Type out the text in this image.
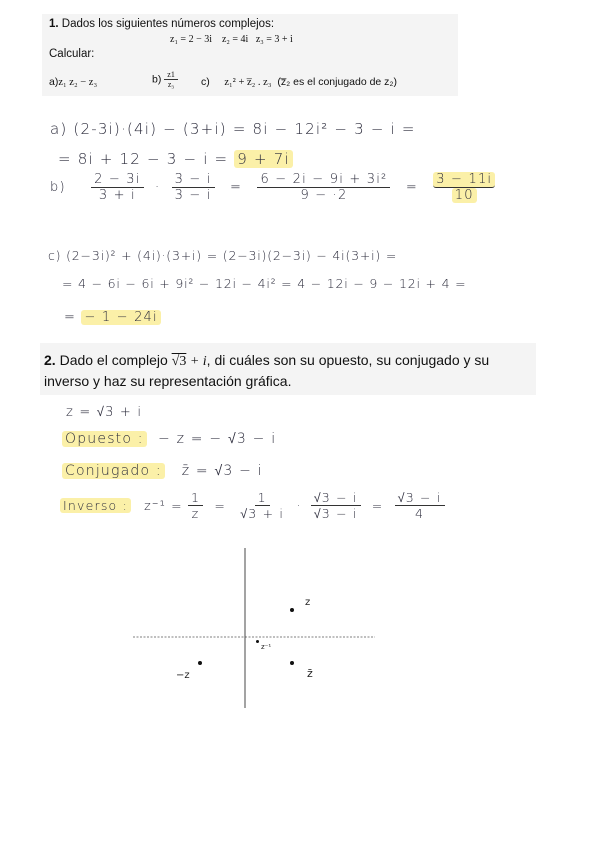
1. Dados los siguientes números complejos:
z₁ = 2 − 3i z₂ = 4i z₃ = 3 + i
Calcular:
a)z₁ z₂ − z₃	$b) \frac{z1}{\text{z₃}} c$) z₁² + z̅₂ . z₃ (z̅₂ es el conjugado de z₂)
a) (2-3i)·(4i) − (3+i) = 8i − 12i² − 3 − i =
= 8i + 12 − 3 − i = 9 + 7i
$b) \frac{2 - 3i}{3 + i} \cdot \frac{3 - i}{3 - i} = \frac{\text{6 − 2i − 9i + 3i²}}{9 - \cdot 2} = \frac{3 - 11i}{10}$
c) (2−3i)² + (4i)·(3+i) = (2−3i)(2−3i) − 4i(3+i) =
= 4 − 6i − 6i + 9i² − 12i − 4i² = 4 − 12i − 9 − 12i + 4 =
= − 1 − 24i
2. Dado el complejo √3 + i, di cuáles son su opuesto, su conjugado y su
inverso y haz su representación gráfica.
z = √3 + i
Opuesto : − z = − √3 − i
Conjugado : z̄ = √3 − i
Inverso : $z^{-1} = \frac{1}{z} = \frac{1}{√3 + i} \cdot \frac{√3 - i}{√3 - i} = \frac{√3 - i}{4}$
z
z⁻¹
−z	z̄
